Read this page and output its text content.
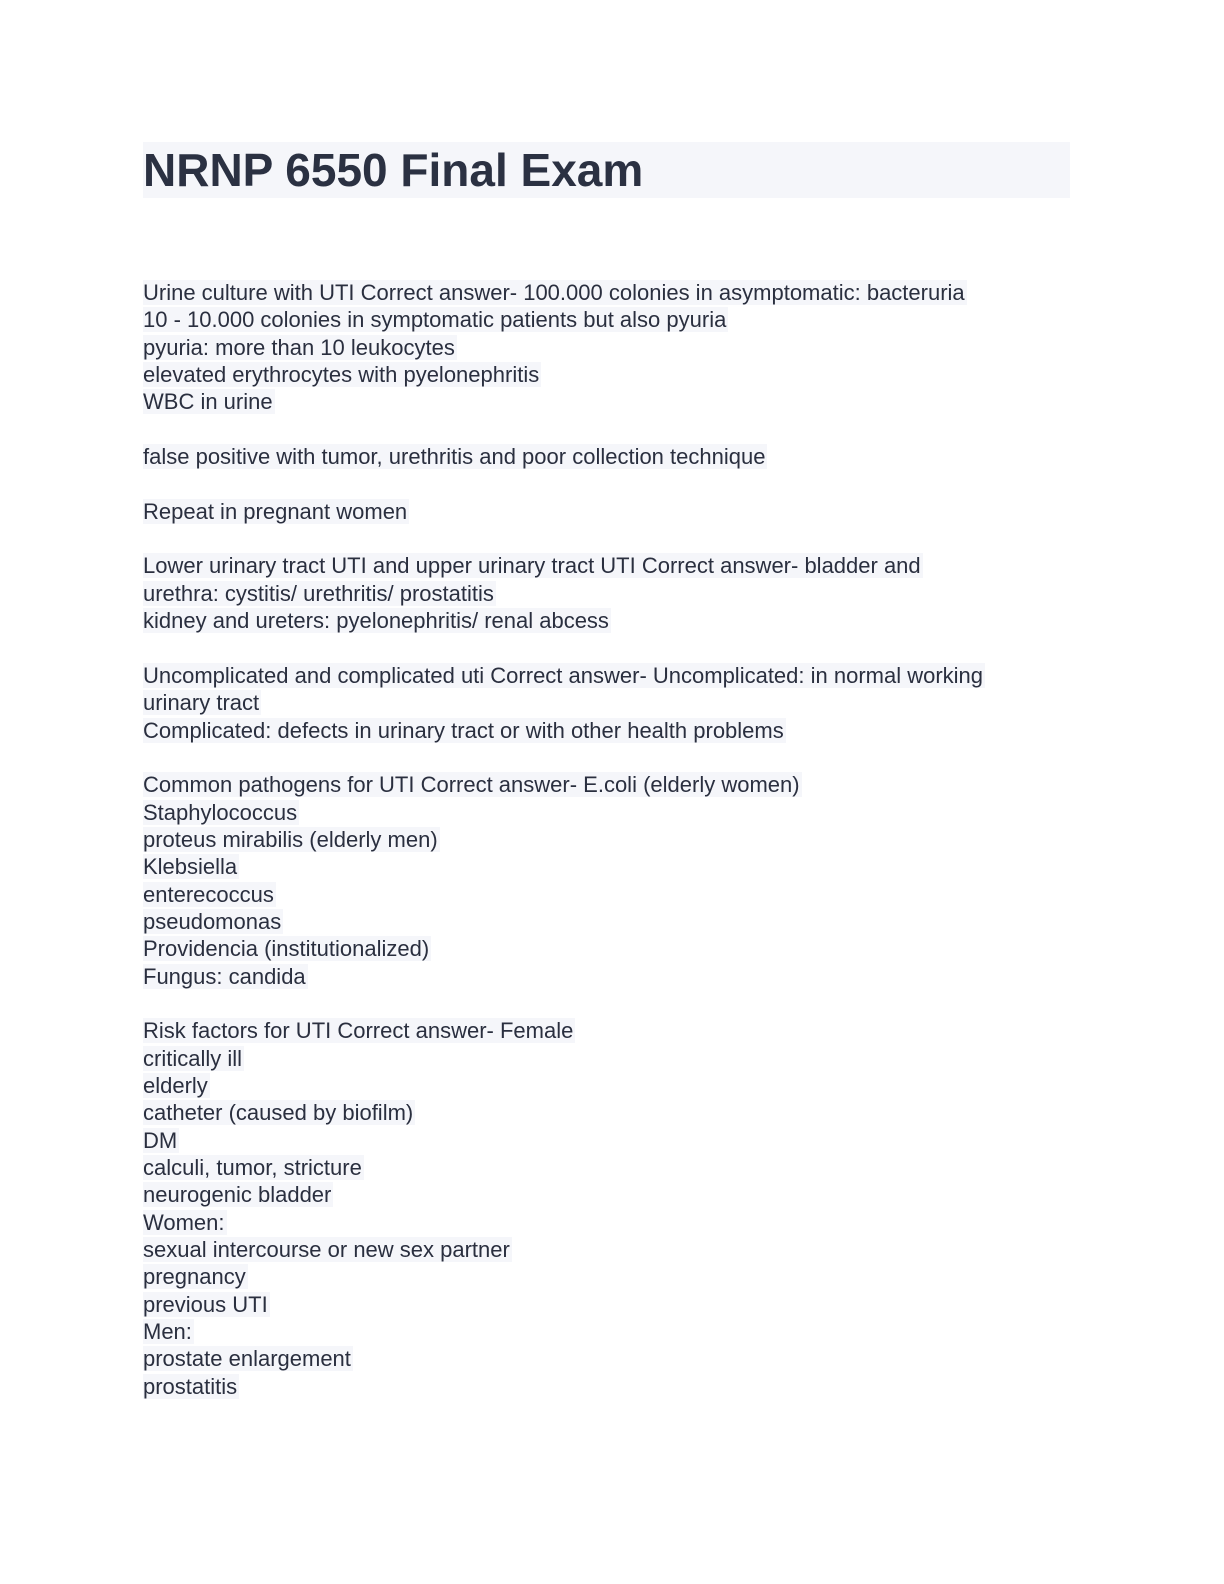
NRNP 6550 Final Exam
Urine culture with UTI Correct answer- 100.000 colonies in asymptomatic: bacteruria
10 - 10.000 colonies in symptomatic patients but also pyuria
pyuria: more than 10 leukocytes
elevated erythrocytes with pyelonephritis
WBC in urine
false positive with tumor, urethritis and poor collection technique
Repeat in pregnant women
Lower urinary tract UTI and upper urinary tract UTI Correct answer- bladder and
urethra: cystitis/ urethritis/ prostatitis
kidney and ureters: pyelonephritis/ renal abcess
Uncomplicated and complicated uti Correct answer- Uncomplicated: in normal working
urinary tract
Complicated: defects in urinary tract or with other health problems
Common pathogens for UTI Correct answer- E.coli (elderly women)
Staphylococcus
proteus mirabilis (elderly men)
Klebsiella
enterecoccus
pseudomonas
Providencia (institutionalized)
Fungus: candida
Risk factors for UTI Correct answer- Female
critically ill
elderly
catheter (caused by biofilm)
DM
calculi, tumor, stricture
neurogenic bladder
Women:
sexual intercourse or new sex partner
pregnancy
previous UTI
Men:
prostate enlargement
prostatitis
